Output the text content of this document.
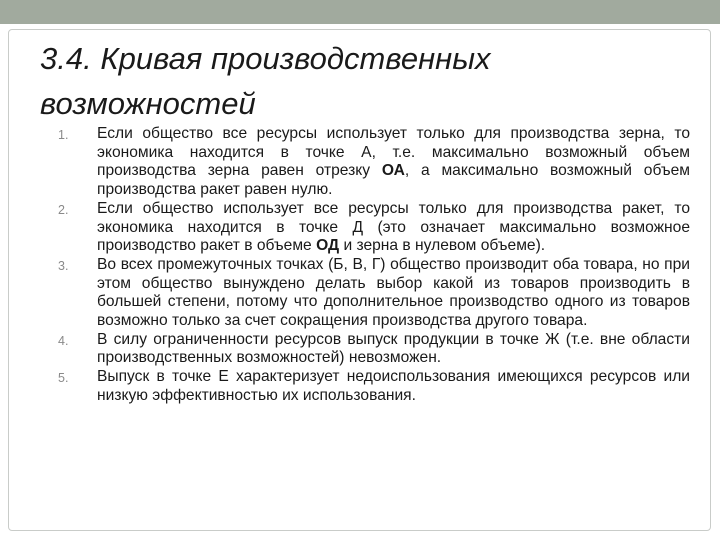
3.4. Кривая производственных возможностей
1.	Если общество все ресурсы использует только для производства зерна, то экономика находится в точке А, т.е. максимально возможный объем производства зерна равен отрезку ОА, а максимально возможный объем производства ракет равен нулю.
2.	Если общество использует все ресурсы только для производства ракет, то экономика находится в точке Д (это означает максимально возможное производство ракет в объеме ОД и зерна в нулевом объеме).
3.	Во всех промежуточных точках (Б, В, Г) общество производит оба товара, но при этом общество вынуждено делать выбор какой из товаров производить в большей степени, потому что дополнительное производство одного из товаров возможно только за счет сокращения производства другого товара.
4.	В силу ограниченности ресурсов выпуск продукции в точке Ж (т.е. вне области производственных возможностей) невозможен.
5.	Выпуск в точке Е характеризует недоиспользования имеющихся ресурсов или низкую эффективностью их использования.
